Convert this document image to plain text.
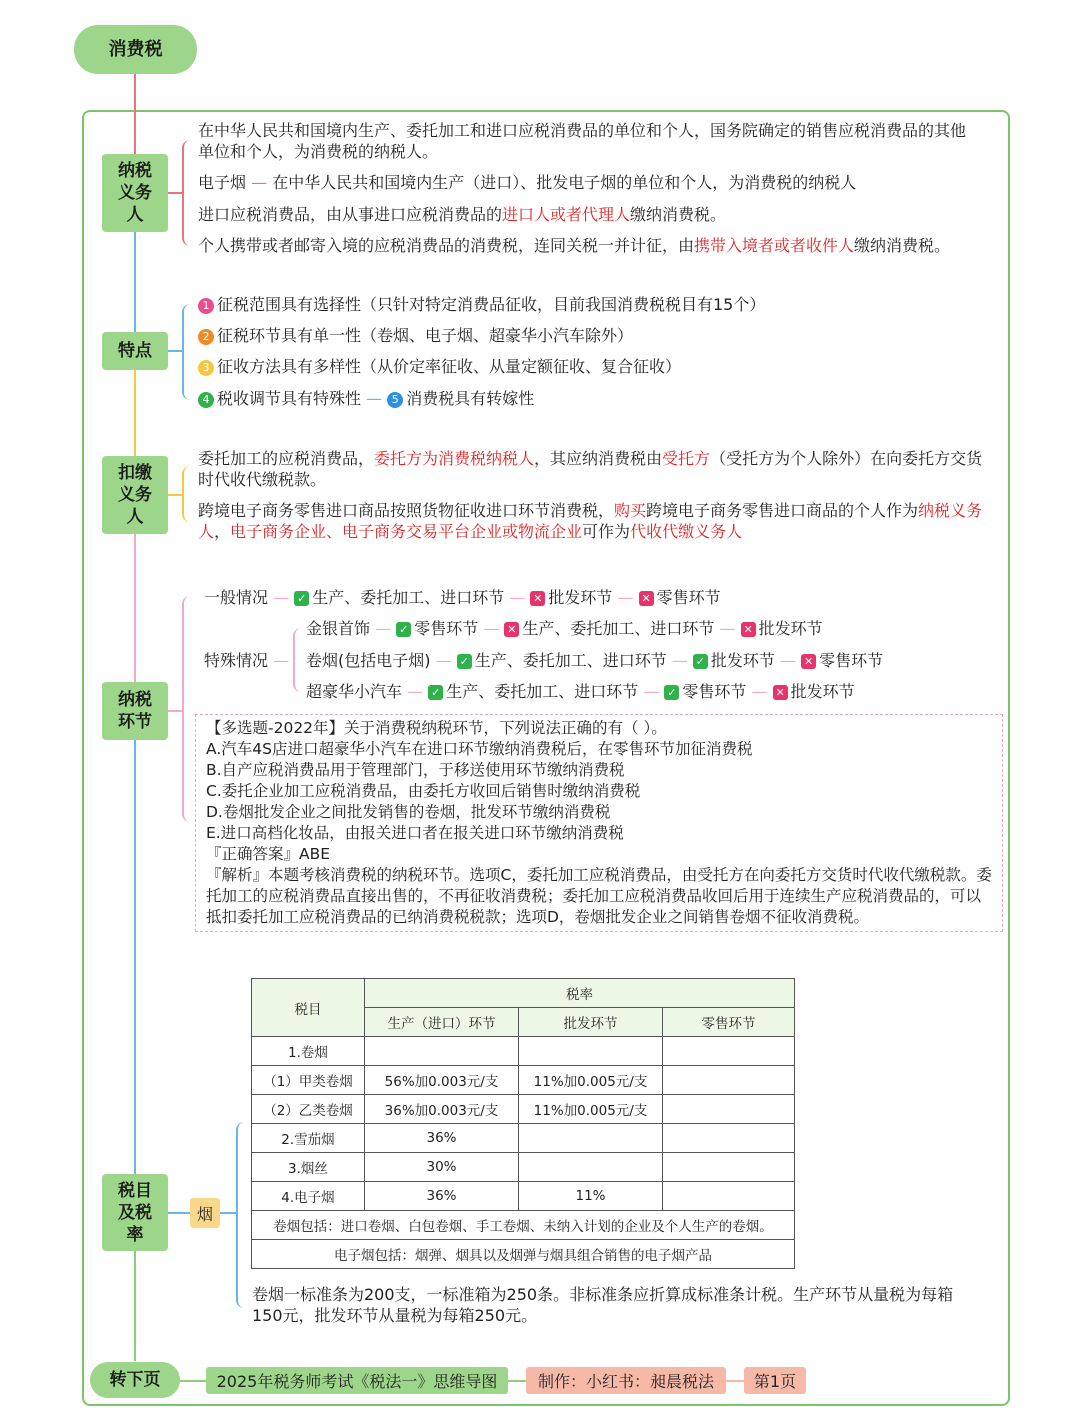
消费税
纳税义务人
在中华人民共和国境内生产、委托加工和进口应税消费品的单位和个人，国务院确定的销售应税消费品的其他单位和个人，为消费税的纳税人。
电子烟 — 在中华人民共和国境内生产（进口）、批发电子烟的单位和个人，为消费税的纳税人
进口应税消费品，由从事进口应税消费品的进口人或者代理人缴纳消费税。
个人携带或者邮寄入境的应税消费品的消费税，连同关税一并计征，由携带入境者或者收件人缴纳消费税。
特点
1 征税范围具有选择性（只针对特定消费品征收，目前我国消费税税目有15个）
2 征税环节具有单一性（卷烟、电子烟、超豪华小汽车除外）
3 征收方法具有多样性（从价定率征收、从量定额征收、复合征收）
4 税收调节具有特殊性 — 5 消费税具有转嫁性
扣缴义务人
委托加工的应税消费品，委托方为消费税纳税人，其应纳消费税由受托方（受托方为个人除外）在向委托方交货时代收代缴税款。
跨境电子商务零售进口商品按照货物征收进口环节消费税，购买跨境电子商务零售进口商品的个人作为纳税义务人，电子商务企业、电子商务交易平台企业或物流企业可作为代收代缴义务人
纳税环节
一般情况 — ✓ 生产、委托加工、进口环节 — ✕ 批发环节 — ✕ 零售环节
特殊情况 —
金银首饰 — ✓ 零售环节 — ✕ 生产、委托加工、进口环节 — ✕ 批发环节
卷烟(包括电子烟) — ✓ 生产、委托加工、进口环节 — ✓ 批发环节 — ✕ 零售环节
超豪华小汽车 — ✓ 生产、委托加工、进口环节 — ✓ 零售环节 — ✕ 批发环节
【多选题-2022年】关于消费税纳税环节，下列说法正确的有（ ）。
A.汽车4S店进口超豪华小汽车在进口环节缴纳消费税后，在零售环节加征消费税
B.自产应税消费品用于管理部门，于移送使用环节缴纳消费税
C.委托企业加工应税消费品，由委托方收回后销售时缴纳消费税
D.卷烟批发企业之间批发销售的卷烟，批发环节缴纳消费税
E.进口高档化妆品，由报关进口者在报关进口环节缴纳消费税
『正确答案』ABE
『解析』本题考核消费税的纳税环节。选项C，委托加工应税消费品，由受托方在向委托方交货时代收代缴税款。委托加工的应税消费品直接出售的，不再征收消费税；委托加工应税消费品收回后用于连续生产应税消费品的，可以抵扣委托加工应税消费品的已纳消费税税款；选项D，卷烟批发企业之间销售卷烟不征收消费税。
税目及税率
烟
税目	税率		
	生产（进口）环节	批发环节	零售环节
1.卷烟			
（1）甲类卷烟	56%加0.003元/支	11%加0.005元/支	
（2）乙类卷烟	36%加0.003元/支	11%加0.005元/支	
2.雪茄烟	36%		
3.烟丝	30%		
4.电子烟	36%	11%	
卷烟包括：进口卷烟、白包卷烟、手工卷烟、未纳入计划的企业及个人生产的卷烟。			
电子烟包括：烟弹、烟具以及烟弹与烟具组合销售的电子烟产品			
卷烟一标准条为200支，一标准箱为250条。非标准条应折算成标准条计税。生产环节从量税为每箱150元，批发环节从量税为每箱250元。
转下页	2025年税务师考试《税法一》思维导图	制作：小红书：昶晨税法	第1页
